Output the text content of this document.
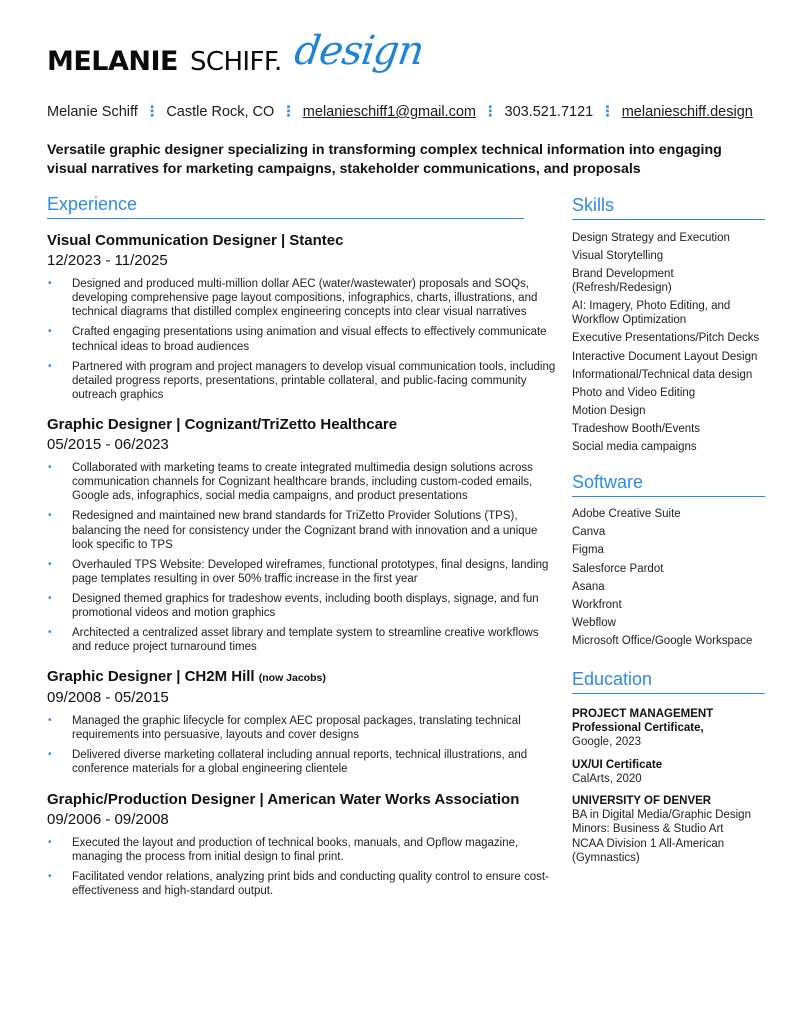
MELANIE SCHIFF. design
Melanie Schiff ⋮ Castle Rock, CO ⋮ melanieschiff1@gmail.com ⋮ 303.521.7121 ⋮ melanieschiff.design
Versatile graphic designer specializing in transforming complex technical information into engaging visual narratives for marketing campaigns, stakeholder communications, and proposals
Experience	Skills
Software
Education
Visual Communication Designer | Stantec
12/2023 - 11/2025
• Designed and produced multi-million dollar AEC (water/wastewater) proposals and SOQs, developing comprehensive page layout compositions, infographics, charts, illustrations, and technical diagrams that distilled complex engineering concepts into clear visual narratives
• Crafted engaging presentations using animation and visual effects to effectively communicate technical ideas to broad audiences
• Partnered with program and project managers to develop visual communication tools, including detailed progress reports, presentations, printable collateral, and public-facing community outreach graphics
Graphic Designer | Cognizant/TriZetto Healthcare
05/2015 - 06/2023
• Collaborated with marketing teams to create integrated multimedia design solutions across communication channels for Cognizant healthcare brands, including custom-coded emails, Google ads, infographics, social media campaigns, and product presentations
• Redesigned and maintained new brand standards for TriZetto Provider Solutions (TPS), balancing the need for consistency under the Cognizant brand with innovation and a unique look specific to TPS
• Overhauled TPS Website: Developed wireframes, functional prototypes, final designs, landing page templates resulting in over 50% traffic increase in the first year
• Designed themed graphics for tradeshow events, including booth displays, signage, and fun promotional videos and motion graphics
• Architected a centralized asset library and template system to streamline creative workflows and reduce project turnaround times
Graphic Designer | CH2M Hill (now Jacobs)
09/2008 - 05/2015
• Managed the graphic lifecycle for complex AEC proposal packages, translating technical requirements into persuasive, layouts and cover designs
• Delivered diverse marketing collateral including annual reports, technical illustrations, and conference materials for a global engineering clientele
Graphic/Production Designer | American Water Works Association
09/2006 - 09/2008
• Executed the layout and production of technical books, manuals, and Opflow magazine, managing the process from initial design to final print.
• Facilitated vendor relations, analyzing print bids and conducting quality control to ensure cost-effectiveness and high-standard output.
Design Strategy and Execution
Visual Storytelling
Brand Development (Refresh/Redesign)
AI: Imagery, Photo Editing, and Workflow Optimization
Executive Presentations/Pitch Decks
Interactive Document Layout Design
Informational/Technical data design
Photo and Video Editing
Motion Design
Tradeshow Booth/Events
Social media campaigns
Adobe Creative Suite
Canva
Figma
Salesforce Pardot
Asana
Workfront
Webflow
Microsoft Office/Google Workspace
PROJECT MANAGEMENT
Professional Certificate,
Google, 2023
UX/UI Certificate
CalArts, 2020
UNIVERSITY OF DENVER
BA in Digital Media/Graphic Design
Minors: Business & Studio Art
NCAA Division 1 All-American (Gymnastics)
